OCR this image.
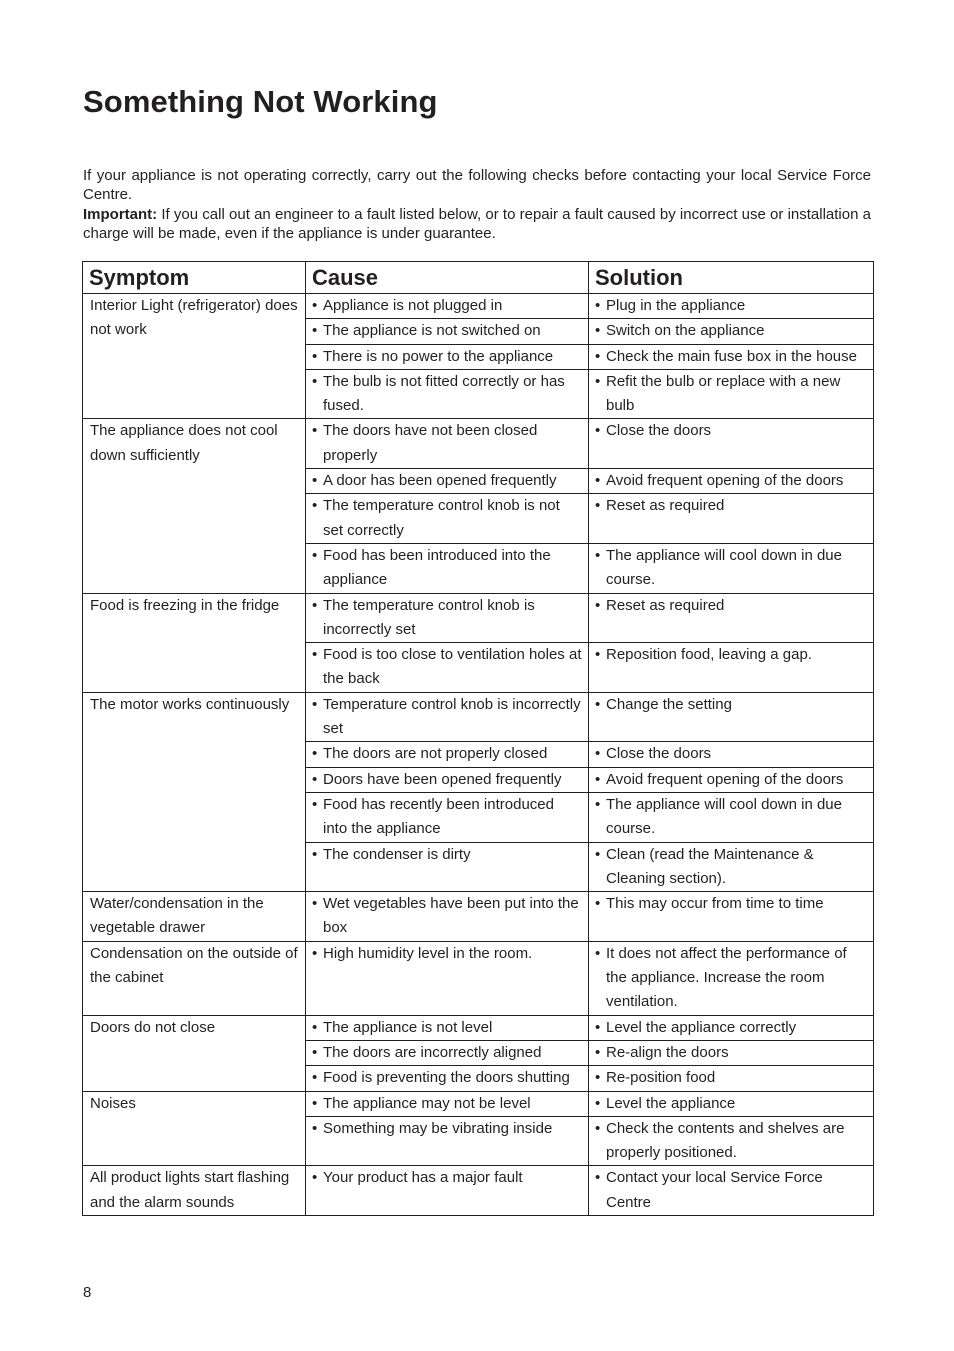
Something Not Working

If your appliance is not operating correctly, carry out the following checks before contacting your local Service Force Centre.

Important: If you call out an engineer to a fault listed below, or to repair a fault caused by incorrect use or installation a charge will be made, even if the appliance is under guarantee.

Symptom	Cause	Solution
Interior Light (refrigerator) does not work	• Appliance is not plugged in	• Plug in the appliance

	• The appliance is not switched on	• Switch on the appliance

	• There is no power to the appliance	• Check the main fuse box in the house

	• The bulb is not fitted correctly or has fused.	• Refit the bulb or replace with a new bulb

The appliance does not cool down sufficiently	• The doors have not been closed properly	• Close the doors

	• A door has been opened frequently	• Avoid frequent opening of the doors

	• The temperature control knob is not set correctly	• Reset as required

	• Food has been introduced into the appliance	• The appliance will cool down in due course.

Food is freezing in the fridge	• The temperature control knob is incorrectly set	• Reset as required

	• Food is too close to ventilation holes at the back	• Reposition food, leaving a gap.

The motor works continuously	• Temperature control knob is incorrectly set	• Change the setting

	• The doors are not properly closed	• Close the doors

	• Doors have been opened frequently	• Avoid frequent opening of the doors

	• Food has recently been introduced into the appliance	• The appliance will cool down in due course.

	• The condenser is dirty	• Clean (read the Maintenance & Cleaning section).

Water/condensation in the vegetable drawer	• Wet vegetables have been put into the box	• This may occur from time to time

Condensation on the outside of the cabinet	• High humidity level in the room.	• It does not affect the performance of the appliance. Increase the room ventilation.

Doors do not close	• The appliance is not level	• Level the appliance correctly

	• The doors are incorrectly aligned	• Re-align the doors

	• Food is preventing the doors shutting	• Re-position food

Noises	• The appliance may not be level	• Level the appliance

	• Something may be vibrating inside	• Check the contents and shelves are properly positioned.

All product lights start flashing and the alarm sounds	• Your product has a major fault	• Contact your local Service Force Centre
8
